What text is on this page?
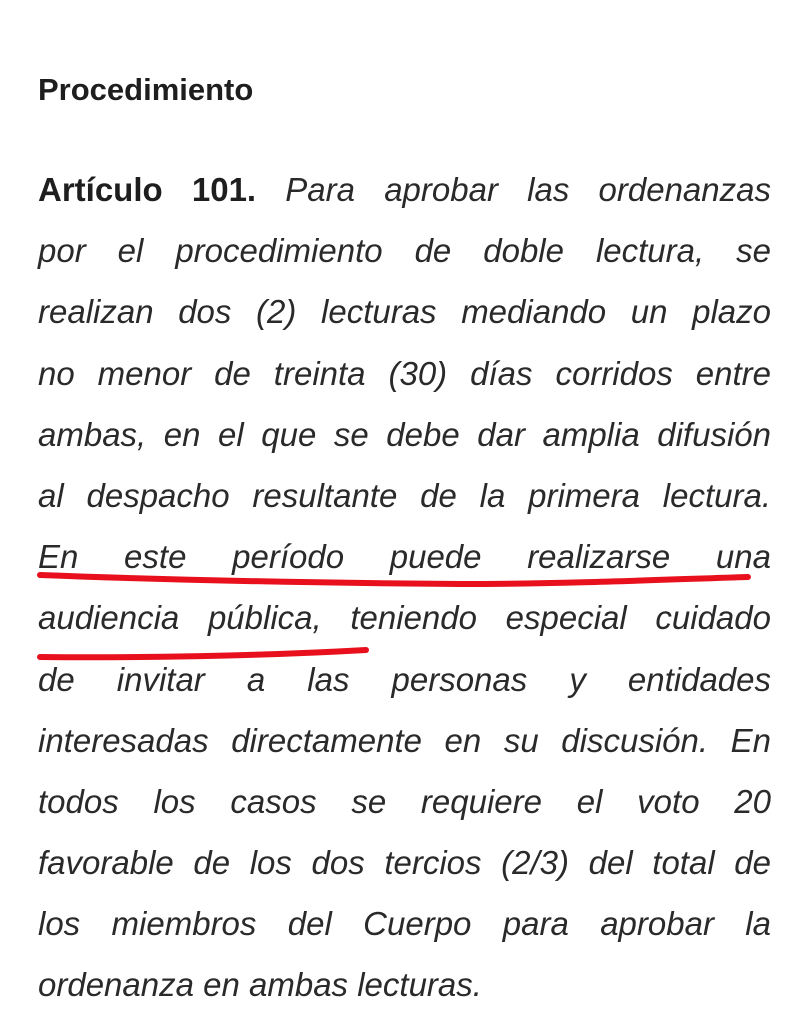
Procedimiento
Artículo 101. Para aprobar las ordenanzas
por el procedimiento de doble lectura, se
realizan dos (2) lecturas mediando un plazo
no menor de treinta (30) días corridos entre
ambas, en el que se debe dar amplia difusión
al despacho resultante de la primera lectura.
En este período puede realizarse una
audiencia pública, teniendo especial cuidado
de invitar a las personas y entidades
interesadas directamente en su discusión. En
todos los casos se requiere el voto 20
favorable de los dos tercios (2/3) del total de
los miembros del Cuerpo para aprobar la
ordenanza en ambas lecturas.
